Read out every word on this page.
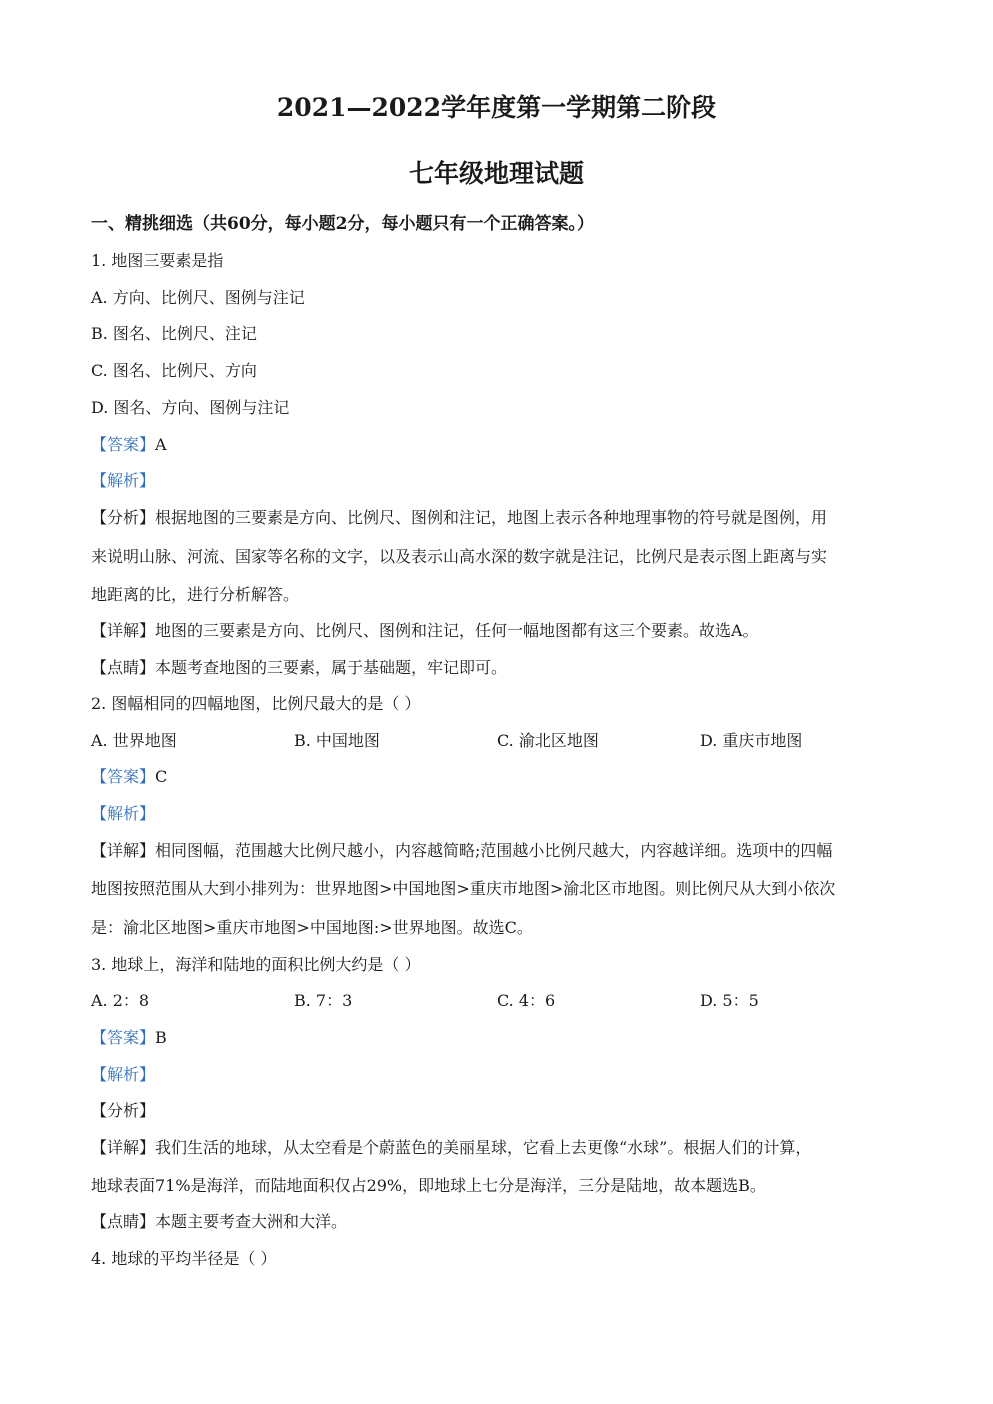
2021—2022学年度第一学期第二阶段
七年级地理试题
一、精挑细选（共60分，每小题2分，每小题只有一个正确答案。）
1. 地图三要素是指
A. 方向、比例尺、图例与注记
B. 图名、比例尺、注记
C. 图名、比例尺、方向
D. 图名、方向、图例与注记
【答案】A
【解析】
【分析】根据地图的三要素是方向、比例尺、图例和注记，地图上表示各种地理事物的符号就是图例，用
来说明山脉、河流、国家等名称的文字，以及表示山高水深的数字就是注记，比例尺是表示图上距离与实
地距离的比，进行分析解答。
【详解】地图的三要素是方向、比例尺、图例和注记，任何一幅地图都有这三个要素。故选A。
【点睛】本题考查地图的三要素，属于基础题，牢记即可。
2. 图幅相同的四幅地图，比例尺最大的是（ ）
A. 世界地图	B. 中国地图	C. 渝北区地图	D. 重庆市地图
【答案】C
【解析】
【详解】相同图幅，范围越大比例尺越小，内容越简略;范围越小比例尺越大，内容越详细。选项中的四幅
地图按照范围从大到小排列为：世界地图>中国地图>重庆市地图>渝北区市地图。则比例尺从大到小依次
是：渝北区地图>重庆市地图>中国地图:>世界地图。故选C。
3. 地球上，海洋和陆地的面积比例大约是（ ）
A. 2：8	B. 7：3	C. 4：6	D. 5：5
【答案】B
【解析】
【分析】
【详解】我们生活的地球，从太空看是个蔚蓝色的美丽星球，它看上去更像“水球”。根据人们的计算，
地球表面71%是海洋，而陆地面积仅占29%，即地球上七分是海洋，三分是陆地，故本题选B。
【点睛】本题主要考查大洲和大洋。
4. 地球的平均半径是（ ）
